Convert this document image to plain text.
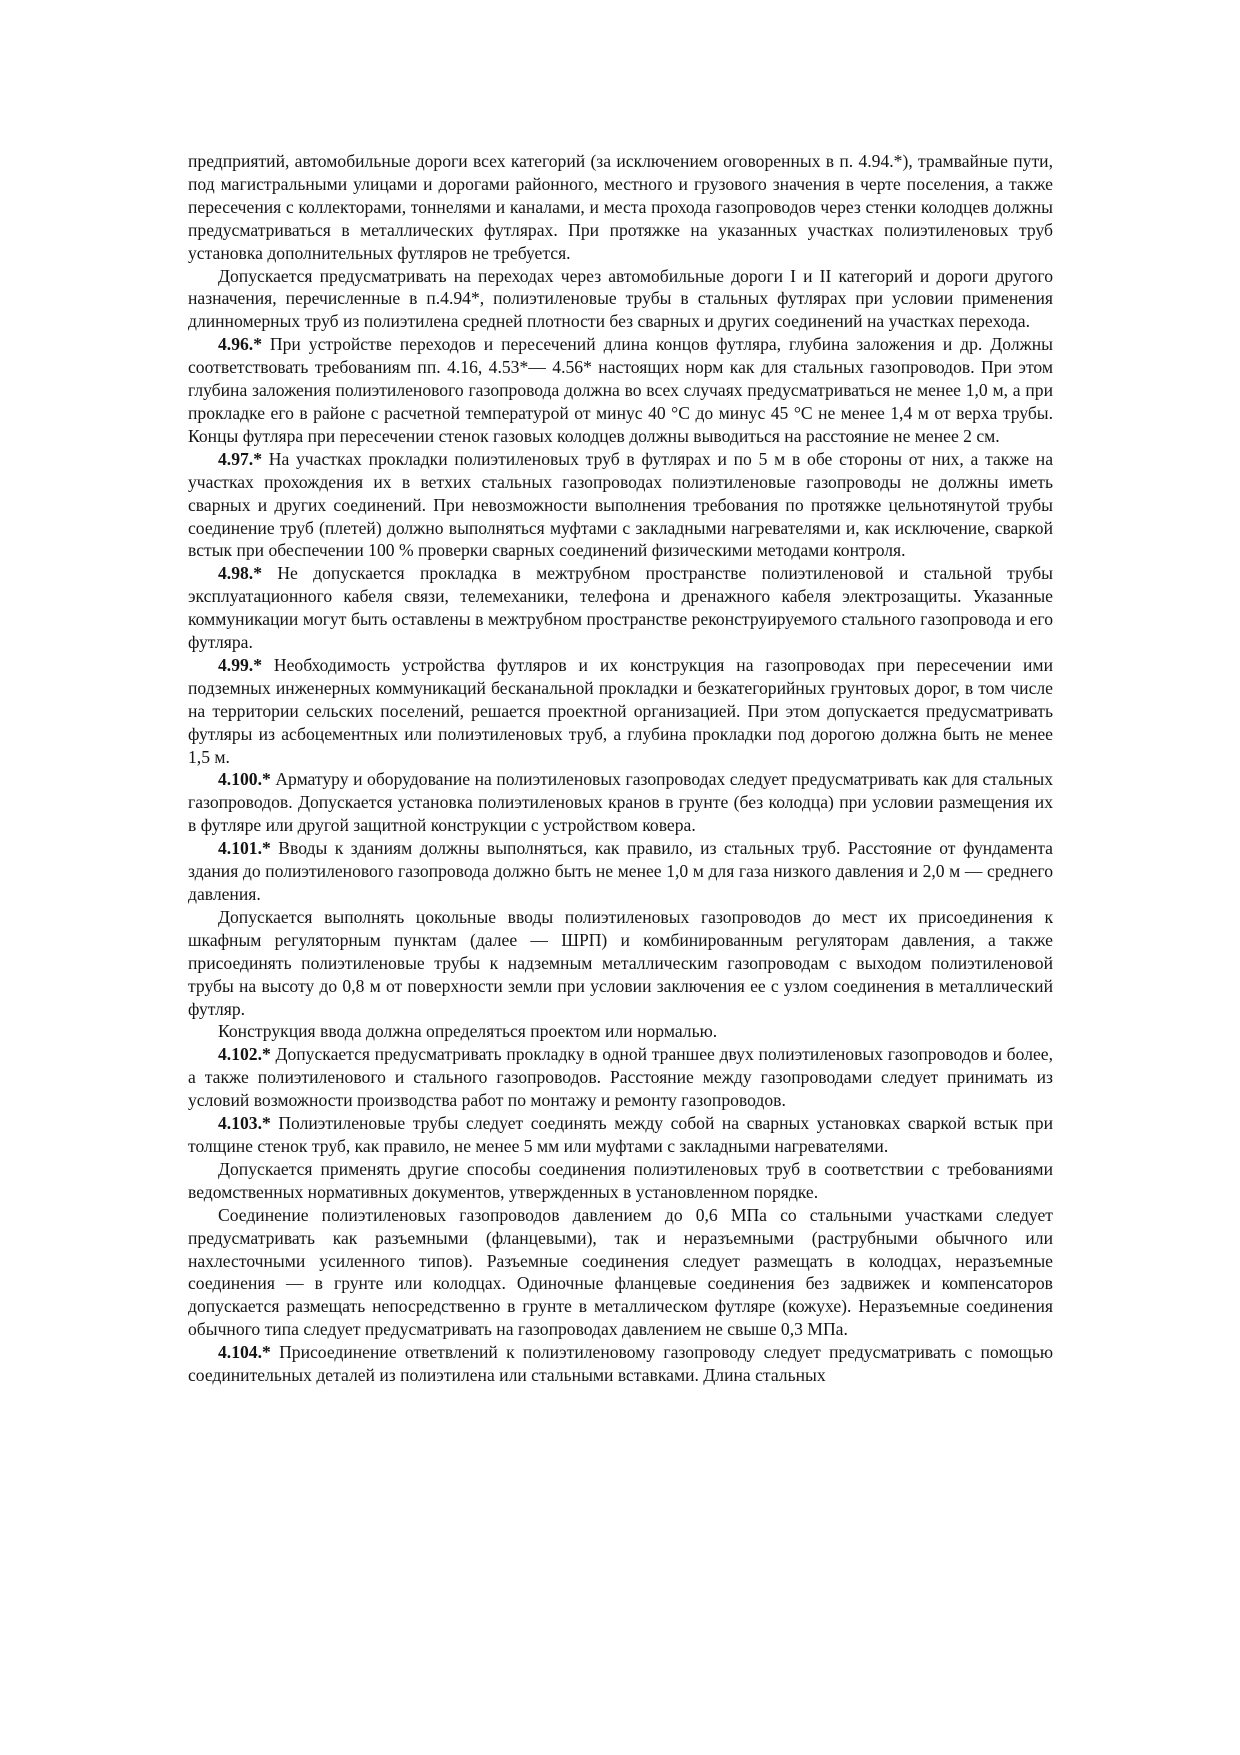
предприятий, автомобильные дороги всех категорий (за исключением оговоренных в п. 4.94.*), трамвайные пути, под магистральными улицами и дорогами районного, местного и грузового значения в черте поселения, а также пересечения с коллекторами, тоннелями и каналами, и места прохода газопроводов через стенки колодцев должны предусматриваться в металлических футлярах. При протяжке на указанных участках полиэтиленовых труб установка дополнительных футляров не требуется.

Допускается предусматривать на переходах через автомобильные дороги I и II категорий и дороги другого назначения, перечисленные в п.4.94*, полиэтиленовые трубы в стальных футлярах при условии применения длинномерных труб из полиэтилена средней плотности без сварных и других соединений на участках перехода.

4.96.* При устройстве переходов и пересечений длина концов футляра, глубина заложения и др. Должны соответствовать требованиям пп. 4.16, 4.53*— 4.56* настоящих норм как для стальных газопроводов. При этом глубина заложения полиэтиленового газопровода должна во всех случаях предусматриваться не менее 1,0 м, а при прокладке его в районе с расчетной температурой от минус 40 °С до минус 45 °С не менее 1,4 м от верха трубы. Концы футляра при пересечении стенок газовых колодцев должны выводиться на расстояние не менее 2 см.

4.97.* На участках прокладки полиэтиленовых труб в футлярах и по 5 м в обе стороны от них, а также на участках прохождения их в ветхих стальных газопроводах полиэтиленовые газопроводы не должны иметь сварных и других соединений. При невозможности выполнения требования по протяжке цельнотянутой трубы соединение труб (плетей) должно выполняться муфтами с закладными нагревателями и, как исключение, сваркой встык при обеспечении 100 % проверки сварных соединений физическими методами контроля.

4.98.* Не допускается прокладка в межтрубном пространстве полиэтиленовой и стальной трубы эксплуатационного кабеля связи, телемеханики, телефона и дренажного кабеля электрозащиты. Указанные коммуникации могут быть оставлены в межтрубном пространстве реконструируемого стального газопровода и его футляра.

4.99.* Необходимость устройства футляров и их конструкция на газопроводах при пересечении ими подземных инженерных коммуникаций бесканальной прокладки и безкатегорийных грунтовых дорог, в том числе на территории сельских поселений, решается проектной организацией. При этом допускается предусматривать футляры из асбоцементных или полиэтиленовых труб, а глубина прокладки под дорогою должна быть не менее 1,5 м.

4.100.* Арматуру и оборудование на полиэтиленовых газопроводах следует предусматривать как для стальных газопроводов. Допускается установка полиэтиленовых кранов в грунте (без колодца) при условии размещения их в футляре или другой защитной конструкции с устройством ковера.

4.101.* Вводы к зданиям должны выполняться, как правило, из стальных труб. Расстояние от фундамента здания до полиэтиленового газопровода должно быть не менее 1,0 м для газа низкого давления и 2,0 м — среднего давления.

Допускается выполнять цокольные вводы полиэтиленовых газопроводов до мест их присоединения к шкафным регуляторным пунктам (далее — ШРП) и комбинированным регуляторам давления, а также присоединять полиэтиленовые трубы к надземным металлическим газопроводам с выходом полиэтиленовой трубы на высоту до 0,8 м от поверхности земли при условии заключения ее с узлом соединения в металлический футляр.

Конструкция ввода должна определяться проектом или нормалью.

4.102.* Допускается предусматривать прокладку в одной траншее двух полиэтиленовых газопроводов и более, а также полиэтиленового и стального газопроводов. Расстояние между газопроводами следует принимать из условий возможности производства работ по монтажу и ремонту газопроводов.

4.103.* Полиэтиленовые трубы следует соединять между собой на сварных установках сваркой встык при толщине стенок труб, как правило, не менее 5 мм или муфтами с закладными нагревателями.

Допускается применять другие способы соединения полиэтиленовых труб в соответствии с требованиями ведомственных нормативных документов, утвержденных в установленном порядке.

Соединение полиэтиленовых газопроводов давлением до 0,6 МПа со стальными участками следует предусматривать как разъемными (фланцевыми), так и неразъемными (раструбными обычного или нахлесточными усиленного типов). Разъемные соединения следует размещать в колодцах, неразъемные соединения — в грунте или колодцах. Одиночные фланцевые соединения без задвижек и компенсаторов допускается размещать непосредственно в грунте в металлическом футляре (кожухе). Неразъемные соединения обычного типа следует предусматривать на газопроводах давлением не свыше 0,3 МПа.

4.104.* Присоединение ответвлений к полиэтиленовому газопроводу следует предусматривать с помощью соединительных деталей из полиэтилена или стальными вставками. Длина стальных
